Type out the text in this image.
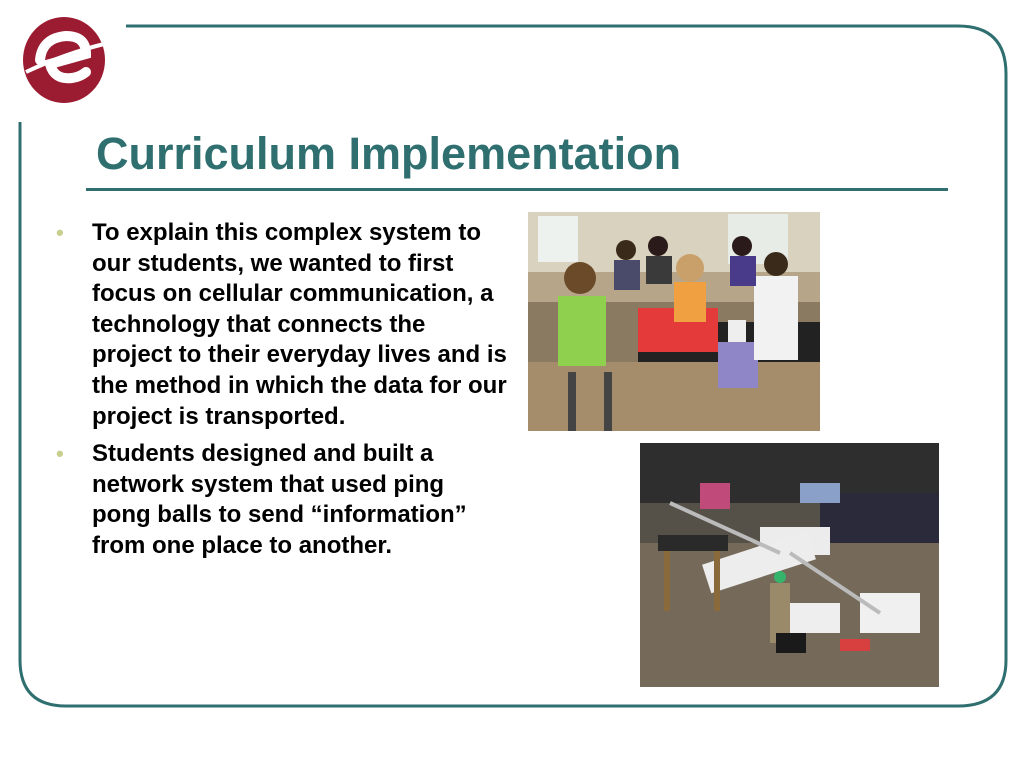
Curriculum Implementation
• To explain this complex system to our students, we wanted to first focus on cellular communication, a technology that connects the project to their everyday lives and is the method in which the data for our project is transported.
• Students designed and built a network system that used ping pong balls to send “information” from one place to another.
